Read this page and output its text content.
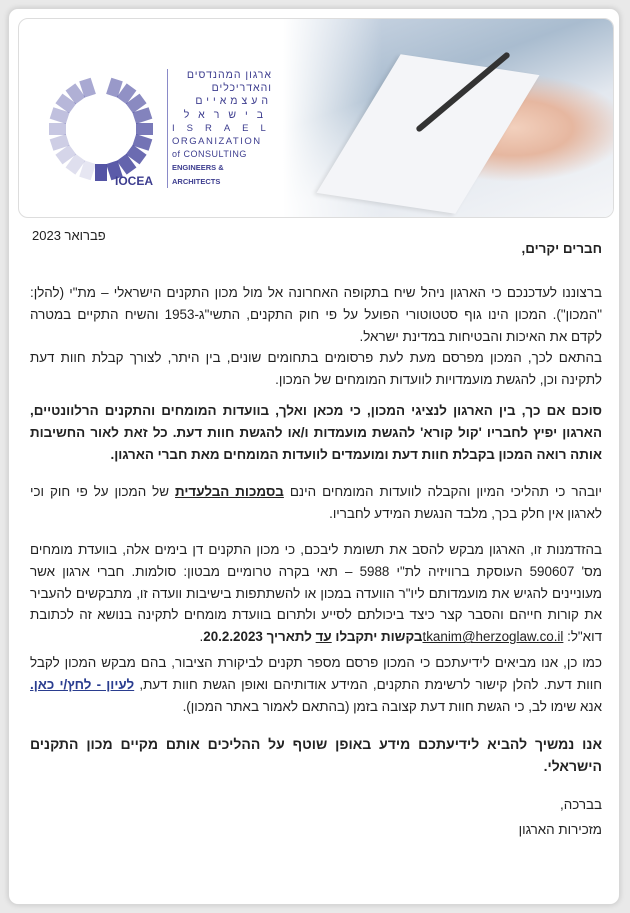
IOCEA
ארגון המהנדסים
והאדריכלים
העצמאיים
בישראל
ISRAEL
ORGANIZATION
of CONSULTING
ENGINEERS & ARCHITECTS
פברואר 2023
חברים יקרים,

ברצוננו לעדכנכם כי הארגון ניהל שיח בתקופה האחרונה אל מול מכון התקנים הישראלי – מת"י (להלן: "המכון"). המכון הינו גוף סטטוטורי הפועל על פי חוק התקנים, התשי"ג-1953 והשיח התקיים במטרה לקדם את האיכות והבטיחות במדינת ישראל.

בהתאם לכך, המכון מפרסם מעת לעת פרסומים בתחומים שונים, בין היתר, לצורך קבלת חוות דעת לתקינה וכן, להגשת מועמדויות לוועדות המומחים של המכון.

סוכם אם כך, בין הארגון לנציגי המכון, כי מכאן ואלך, בוועדות המומחים והתקנים הרלוונטיים, הארגון יפיץ לחבריו 'קול קורא' להגשת מועמדות ו/או להגשת חוות דעת. כל זאת לאור החשיבות אותה רואה המכון בקבלת חוות דעת ומועמדים לוועדות המומחים מאת חברי הארגון.

יובהר כי תהליכי המיון והקבלה לוועדות המומחים הינם בסמכות הבלעדית של המכון על פי חוק וכי לארגון אין חלק בכך, מלבד הנגשת המידע לחבריו.

בהזדמנות זו, הארגון מבקש להסב את תשומת ליבכם, כי מכון התקנים דן בימים אלה, בוועדת מומחים מס' 590607 העוסקת ברוויזיה לת"י 5988 – תאי בקרה טרומיים מבטון: סולמות. חברי ארגון אשר מעוניינים להגיש את מועמדותם ליו"ר הוועדה במכון או להשתתפות בישיבות וועדה זו, מתבקשים להעביר את קורות חייהם והסבר קצר כיצד ביכולתם לסייע ולתרום בוועדת מומחים לתקינה בנושא זה לכתובת דוא"ל: tkanim@herzoglaw.co.ilבקשות יתקבלו עד לתאריך 20.2.2023.

כמו כן, אנו מביאים לידיעתכם כי המכון פרסם מספר תקנים לביקורת הציבור, בהם מבקש המכון לקבל חוות דעת. להלן קישור לרשימת התקנים, המידע אודותיהם ואופן הגשת חוות דעת, לעיון - לחץ/י כאן. אנא שימו לב, כי הגשת חוות דעת קצובה בזמן (בהתאם לאמור באתר המכון).

אנו נמשיך להביא לידיעתכם מידע באופן שוטף על ההליכים אותם מקיים מכון התקנים הישראלי.

בברכה,

מזכירות הארגון
